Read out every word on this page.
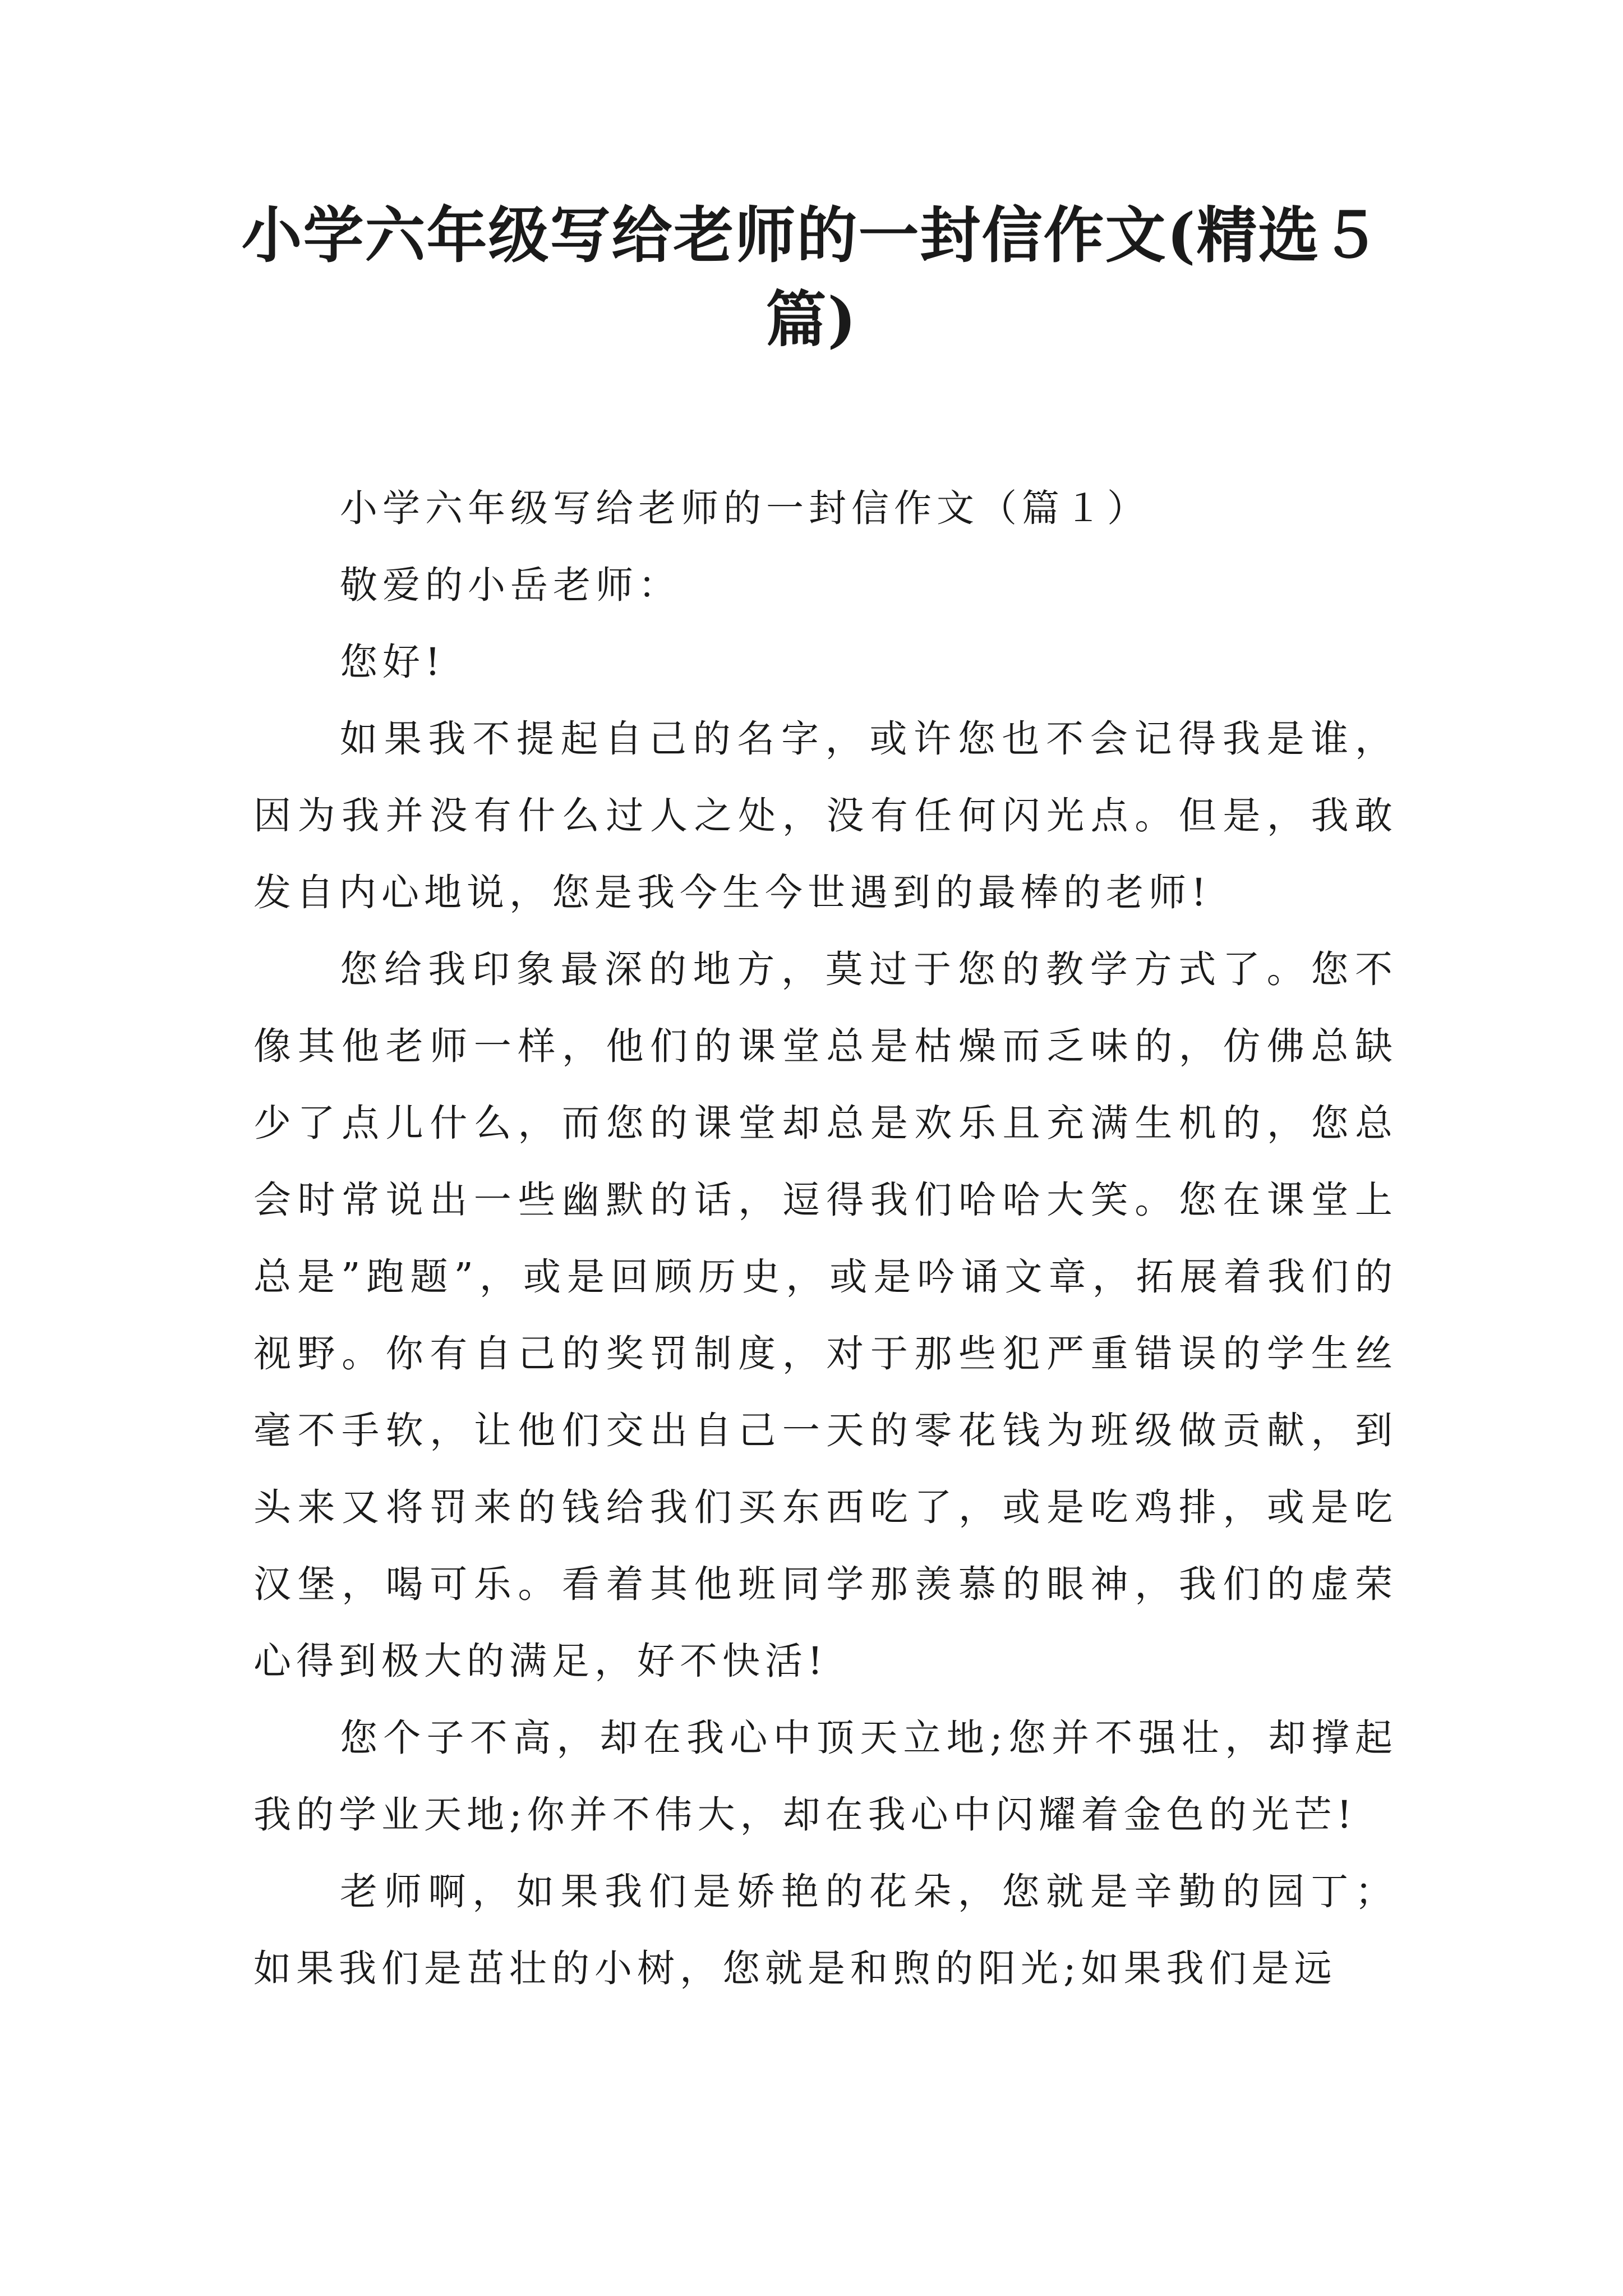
小学六年级写给老师的一封信作文(精选５篇)

小学六年级写给老师的一封信作文（篇１）

敬爱的小岳老师：

您好!

如果我不提起自己的名字，或许您也不会记得我是谁，因为我并没有什么过人之处，没有任何闪光点。但是，我敢发自内心地说，您是我今生今世遇到的最棒的老师!

您给我印象最深的地方，莫过于您的教学方式了。您不像其他老师一样，他们的课堂总是枯燥而乏味的，仿佛总缺少了点儿什么，而您的课堂却总是欢乐且充满生机的，您总会时常说出一些幽默的话，逗得我们哈哈大笑。您在课堂上总是”跑题”，或是回顾历史，或是吟诵文章，拓展着我们的视野。你有自己的奖罚制度，对于那些犯严重错误的学生丝毫不手软，让他们交出自己一天的零花钱为班级做贡献，到头来又将罚来的钱给我们买东西吃了，或是吃鸡排，或是吃汉堡，喝可乐。看着其他班同学那羡慕的眼神，我们的虚荣心得到极大的满足，好不快活!

您个子不高，却在我心中顶天立地;您并不强壮，却撑起我的学业天地;你并不伟大，却在我心中闪耀着金色的光芒!

老师啊，如果我们是娇艳的花朵，您就是辛勤的园丁；如果我们是茁壮的小树，您就是和煦的阳光;如果我们是远
